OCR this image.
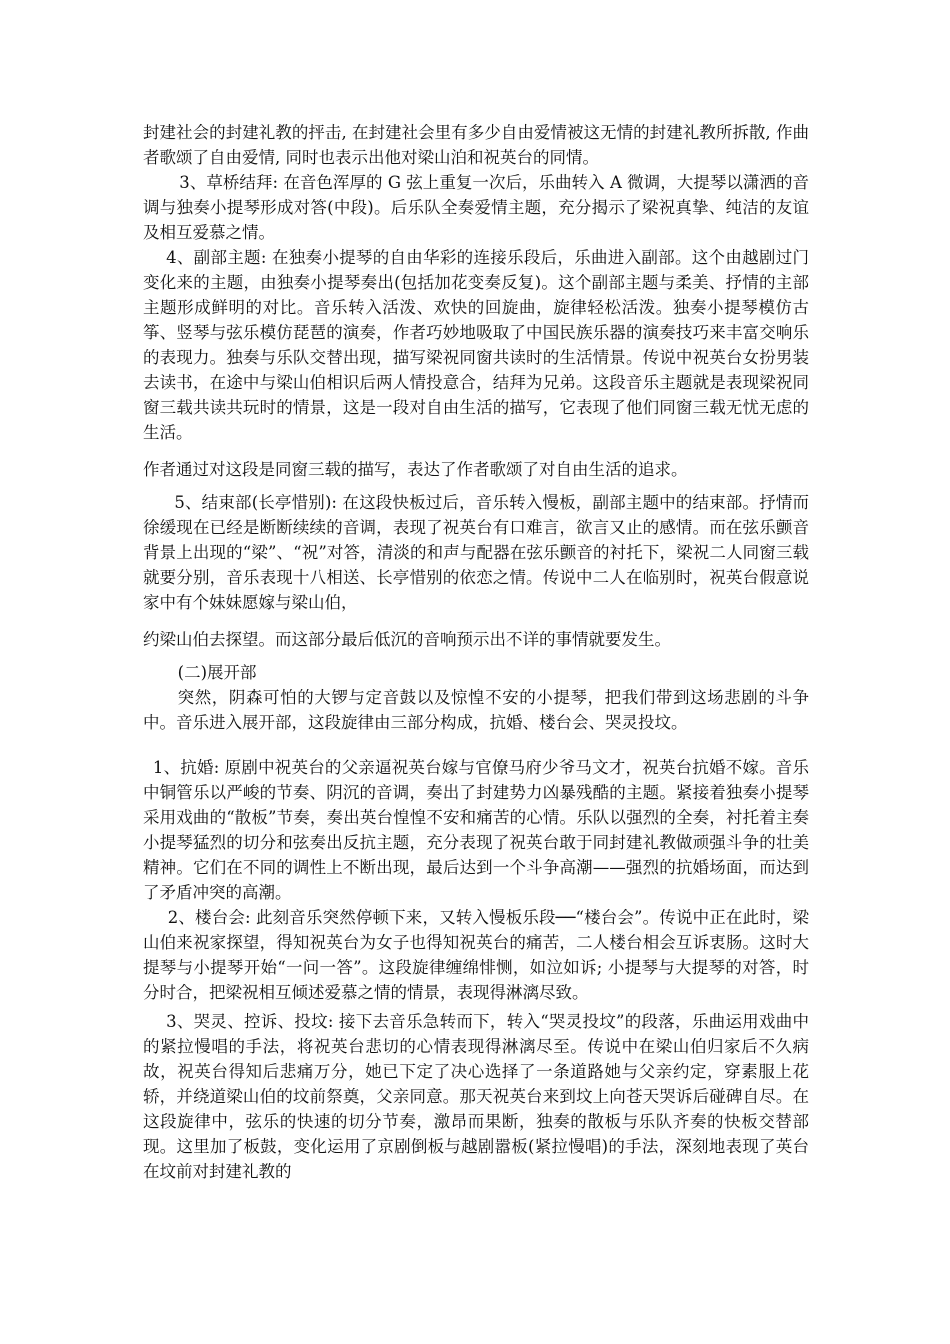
封建社会的封建礼教的抨击, 在封建社会里有多少自由爱情被这无情的封建礼教所拆散, 作曲者歌颂了自由爱情, 同时也表示出他对梁山泊和祝英台的同情。

3、草桥结拜: 在音色浑厚的 G 弦上重复一次后，乐曲转入 A 微调，大提琴以潇洒的音调与独奏小提琴形成对答(中段)。后乐队全奏爱情主题，充分揭示了梁祝真挚、纯洁的友谊及相互爱慕之情。

4、副部主题: 在独奏小提琴的自由华彩的连接乐段后，乐曲进入副部。这个由越剧过门变化来的主题，由独奏小提琴奏出(包括加花变奏反复)。这个副部主题与柔美、抒情的主部主题形成鲜明的对比。音乐转入活泼、欢快的回旋曲，旋律轻松活泼。独奏小提琴模仿古筝、竖琴与弦乐模仿琵琶的演奏，作者巧妙地吸取了中国民族乐器的演奏技巧来丰富交响乐的表现力。独奏与乐队交替出现，描写梁祝同窗共读时的生活情景。传说中祝英台女扮男装去读书，在途中与梁山伯相识后两人情投意合，结拜为兄弟。这段音乐主题就是表现梁祝同窗三载共读共玩时的情景，这是一段对自由生活的描写，它表现了他们同窗三载无忧无虑的生活。

作者通过对这段是同窗三载的描写，表达了作者歌颂了对自由生活的追求。

5、结束部(长亭惜别): 在这段快板过后，音乐转入慢板，副部主题中的结束部。抒情而徐缓现在已经是断断续续的音调，表现了祝英台有口难言，欲言又止的感情。而在弦乐颤音背景上出现的“梁”、“祝”对答，清淡的和声与配器在弦乐颤音的衬托下，梁祝二人同窗三载就要分别，音乐表现十八相送、长亭惜别的依恋之情。传说中二人在临别时，祝英台假意说家中有个妹妹愿嫁与梁山伯，

约梁山伯去探望。而这部分最后低沉的音响预示出不详的事情就要发生。

(二)展开部

突然，阴森可怕的大锣与定音鼓以及惊惶不安的小提琴，把我们带到这场悲剧的斗争中。音乐进入展开部，这段旋律由三部分构成，抗婚、楼台会、哭灵投坟。

1、抗婚: 原剧中祝英台的父亲逼祝英台嫁与官僚马府少爷马文才，祝英台抗婚不嫁。音乐中铜管乐以严峻的节奏、阴沉的音调，奏出了封建势力凶暴残酷的主题。紧接着独奏小提琴采用戏曲的“散板”节奏，奏出英台惶惶不安和痛苦的心情。乐队以强烈的全奏，衬托着主奏小提琴猛烈的切分和弦奏出反抗主题，充分表现了祝英台敢于同封建礼教做顽强斗争的壮美精神。它们在不同的调性上不断出现，最后达到一个斗争高潮——强烈的抗婚场面，而达到了矛盾冲突的高潮。

2、楼台会: 此刻音乐突然停顿下来，又转入慢板乐段──“楼台会”。传说中正在此时，梁山伯来祝家探望，得知祝英台为女子也得知祝英台的痛苦，二人楼台相会互诉衷肠。这时大提琴与小提琴开始“一问一答”。这段旋律缠绵悱恻，如泣如诉; 小提琴与大提琴的对答，时分时合，把梁祝相互倾述爱慕之情的情景，表现得淋漓尽致。

3、哭灵、控诉、投坟: 接下去音乐急转而下，转入“哭灵投坟”的段落，乐曲运用戏曲中的紧拉慢唱的手法，将祝英台悲切的心情表现得淋漓尽至。传说中在梁山伯归家后不久病故，祝英台得知后悲痛万分，她已下定了决心选择了一条道路她与父亲约定，穿素服上花轿，并绕道梁山伯的坟前祭奠，父亲同意。那天祝英台来到坟上向苍天哭诉后碰碑自尽。在这段旋律中，弦乐的快速的切分节奏，激昂而果断，独奏的散板与乐队齐奏的快板交替部现。这里加了板鼓，变化运用了京剧倒板与越剧嚣板(紧拉慢唱)的手法，深刻地表现了英台在坟前对封建礼教的
